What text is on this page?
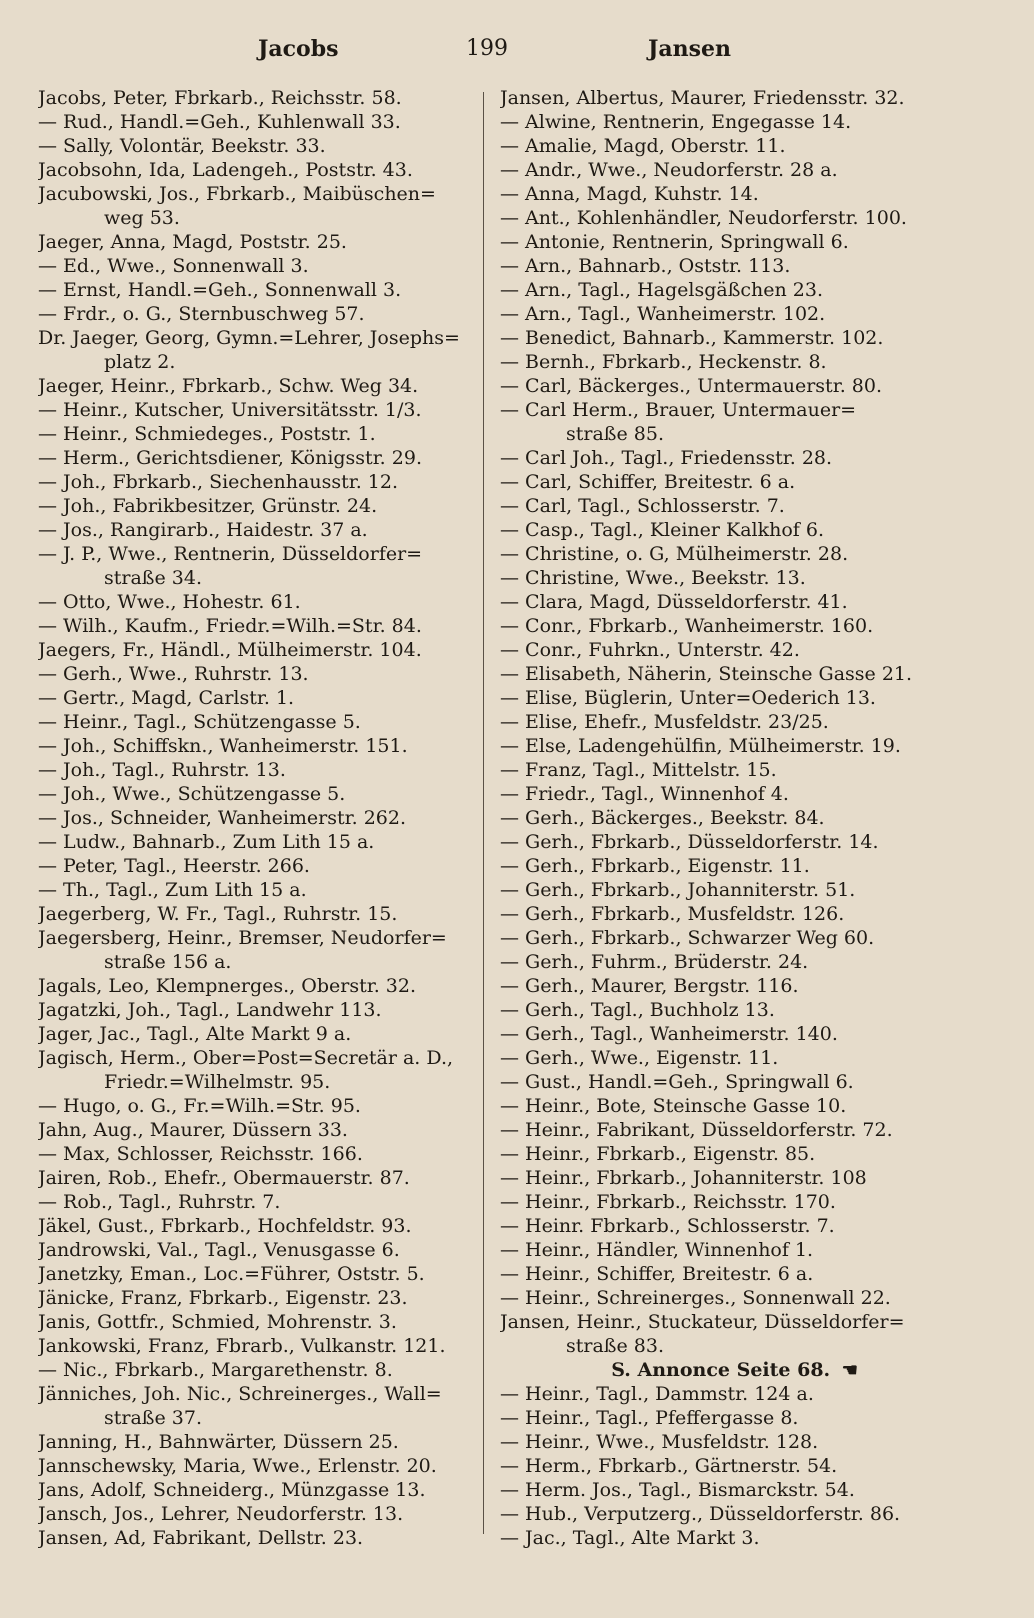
Jacobs	199	Jansen
Jacobs, Peter, Fbrkarb., Reichsstr. 58.
— Rud., Handl.=Geh., Kuhlenwall 33.
— Sally, Volontär, Beekstr. 33.
Jacobsohn, Ida, Ladengeh., Poststr. 43.
Jacubowski, Jos., Fbrkarb., Maibüschen=
weg 53.
Jaeger, Anna, Magd, Poststr. 25.
— Ed., Wwe., Sonnenwall 3.
— Ernst, Handl.=Geh., Sonnenwall 3.
— Frdr., o. G., Sternbuschweg 57.
Dr. Jaeger, Georg, Gymn.=Lehrer, Josephs=
platz 2.
Jaeger, Heinr., Fbrkarb., Schw. Weg 34.
— Heinr., Kutscher, Universitätsstr. 1/3.
— Heinr., Schmiedeges., Poststr. 1.
— Herm., Gerichtsdiener, Königsstr. 29.
— Joh., Fbrkarb., Siechenhausstr. 12.
— Joh., Fabrikbesitzer, Grünstr. 24.
— Jos., Rangirarb., Haidestr. 37 a.
— J. P., Wwe., Rentnerin, Düsseldorfer=
straße 34.
— Otto, Wwe., Hohestr. 61.
— Wilh., Kaufm., Friedr.=Wilh.=Str. 84.
Jaegers, Fr., Händl., Mülheimerstr. 104.
— Gerh., Wwe., Ruhrstr. 13.
— Gertr., Magd, Carlstr. 1.
— Heinr., Tagl., Schützengasse 5.
— Joh., Schiffskn., Wanheimerstr. 151.
— Joh., Tagl., Ruhrstr. 13.
— Joh., Wwe., Schützengasse 5.
— Jos., Schneider, Wanheimerstr. 262.
— Ludw., Bahnarb., Zum Lith 15 a.
— Peter, Tagl., Heerstr. 266.
— Th., Tagl., Zum Lith 15 a.
Jaegerberg, W. Fr., Tagl., Ruhrstr. 15.
Jaegersberg, Heinr., Bremser, Neudorfer=
straße 156 a.
Jagals, Leo, Klempnerges., Oberstr. 32.
Jagatzki, Joh., Tagl., Landwehr 113.
Jager, Jac., Tagl., Alte Markt 9 a.
Jagisch, Herm., Ober=Post=Secretär a. D.,
Friedr.=Wilhelmstr. 95.
— Hugo, o. G., Fr.=Wilh.=Str. 95.
Jahn, Aug., Maurer, Düssern 33.
— Max, Schlosser, Reichsstr. 166.
Jairen, Rob., Ehefr., Obermauerstr. 87.
— Rob., Tagl., Ruhrstr. 7.
Jäkel, Gust., Fbrkarb., Hochfeldstr. 93.
Jandrowski, Val., Tagl., Venusgasse 6.
Janetzky, Eman., Loc.=Führer, Oststr. 5.
Jänicke, Franz, Fbrkarb., Eigenstr. 23.
Janis, Gottfr., Schmied, Mohrenstr. 3.
Jankowski, Franz, Fbrarb., Vulkanstr. 121.
— Nic., Fbrkarb., Margarethenstr. 8.
Jänniches, Joh. Nic., Schreinerges., Wall=
straße 37.
Janning, H., Bahnwärter, Düssern 25.
Jannschewsky, Maria, Wwe., Erlenstr. 20.
Jans, Adolf, Schneiderg., Münzgasse 13.
Jansch, Jos., Lehrer, Neudorferstr. 13.
Jansen, Ad, Fabrikant, Dellstr. 23.
Jansen, Albertus, Maurer, Friedensstr. 32.
— Alwine, Rentnerin, Engegasse 14.
— Amalie, Magd, Oberstr. 11.
— Andr., Wwe., Neudorferstr. 28 a.
— Anna, Magd, Kuhstr. 14.
— Ant., Kohlenhändler, Neudorferstr. 100.
— Antonie, Rentnerin, Springwall 6.
— Arn., Bahnarb., Oststr. 113.
— Arn., Tagl., Hagelsgäßchen 23.
— Arn., Tagl., Wanheimerstr. 102.
— Benedict, Bahnarb., Kammerstr. 102.
— Bernh., Fbrkarb., Heckenstr. 8.
— Carl, Bäckerges., Untermauerstr. 80.
— Carl Herm., Brauer, Untermauer=
straße 85.
— Carl Joh., Tagl., Friedensstr. 28.
— Carl, Schiffer, Breitestr. 6 a.
— Carl, Tagl., Schlosserstr. 7.
— Casp., Tagl., Kleiner Kalkhof 6.
— Christine, o. G, Mülheimerstr. 28.
— Christine, Wwe., Beekstr. 13.
— Clara, Magd, Düsseldorferstr. 41.
— Conr., Fbrkarb., Wanheimerstr. 160.
— Conr., Fuhrkn., Unterstr. 42.
— Elisabeth, Näherin, Steinsche Gasse 21.
— Elise, Büglerin, Unter=Oederich 13.
— Elise, Ehefr., Musfeldstr. 23/25.
— Else, Ladengehülfin, Mülheimerstr. 19.
— Franz, Tagl., Mittelstr. 15.
— Friedr., Tagl., Winnenhof 4.
— Gerh., Bäckerges., Beekstr. 84.
— Gerh., Fbrkarb., Düsseldorferstr. 14.
— Gerh., Fbrkarb., Eigenstr. 11.
— Gerh., Fbrkarb., Johanniterstr. 51.
— Gerh., Fbrkarb., Musfeldstr. 126.
— Gerh., Fbrkarb., Schwarzer Weg 60.
— Gerh., Fuhrm., Brüderstr. 24.
— Gerh., Maurer, Bergstr. 116.
— Gerh., Tagl., Buchholz 13.
— Gerh., Tagl., Wanheimerstr. 140.
— Gerh., Wwe., Eigenstr. 11.
— Gust., Handl.=Geh., Springwall 6.
— Heinr., Bote, Steinsche Gasse 10.
— Heinr., Fabrikant, Düsseldorferstr. 72.
— Heinr., Fbrkarb., Eigenstr. 85.
— Heinr., Fbrkarb., Johanniterstr. 108
— Heinr., Fbrkarb., Reichsstr. 170.
— Heinr. Fbrkarb., Schlosserstr. 7.
— Heinr., Händler, Winnenhof 1.
— Heinr., Schiffer, Breitestr. 6 a.
— Heinr., Schreinerges., Sonnenwall 22.
Jansen, Heinr., Stuckateur, Düsseldorfer=
straße 83.
S. Annonce Seite 68. ☚
— Heinr., Tagl., Dammstr. 124 a.
— Heinr., Tagl., Pfeffergasse 8.
— Heinr., Wwe., Musfeldstr. 128.
— Herm., Fbrkarb., Gärtnerstr. 54.
— Herm. Jos., Tagl., Bismarckstr. 54.
— Hub., Verputzerg., Düsseldorferstr. 86.
— Jac., Tagl., Alte Markt 3.
